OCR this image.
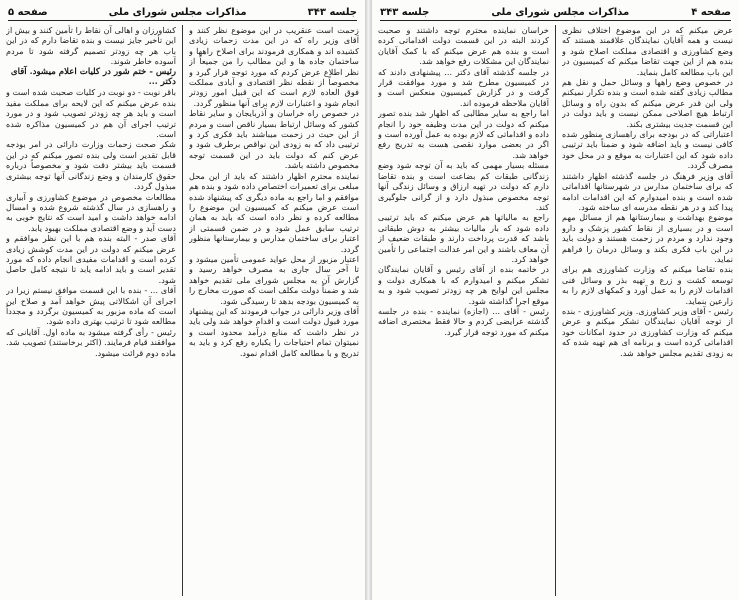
جلسه ۳۴۳
مذاکرات مجلس شورای ملی
صفحه ۵

زحمت است عنقریب در این موضوع نظر کنند و آقای وزیر راه که در این مدت زحمات زیادی کشیده اند و همکاری فرمودند برای اصلاح راهها و ساختمان جاده ها و این مطالب را من جمیعاً از نظر اطلاع عرض کردم که مورد توجه قرار گیرد و مخصوصاً از نقطه نظر اقتصادی و آبادی مملکت فوق العاده لازم است که این قبیل امور زودتر انجام شود و اعتبارات لازم برای آنها منظور گردد.

در خصوص راه خراسان و آذربایجان و سایر نقاط کشور که وسائل ارتباط بسیار ناقص است و مردم از این حیث در زحمت میباشند باید فکری کرد و ترتیبی داد که به زودی این نواقص برطرف شود و عرض کنم که دولت باید در این قسمت توجه مخصوص داشته باشد.

نماینده محترم اظهار داشتند که باید از این محل مبلغی برای تعمیرات اختصاص داده شود و بنده هم موافقم و اما راجع به ماده دیگری که پیشنهاد شده است عرض میکنم که کمیسیون این موضوع را مطالعه کرده و نظر داده است که باید به همان ترتیب سابق عمل شود و در ضمن قسمتی از اعتبار برای ساختمان مدارس و بیمارستانها منظور گردد.

اعتبار مزبور از محل عواید عمومی تأمین میشود و تا آخر سال جاری به مصرف خواهد رسید و گزارش آن به مجلس شورای ملی تقدیم خواهد شد و ضمناً دولت مکلف است که صورت مخارج را به کمیسیون بودجه بدهد تا رسیدگی شود.

آقای وزیر دارائی در جواب فرمودند که این پیشنهاد مورد قبول دولت است و اقدام خواهد شد ولی باید در نظر داشت که منابع درآمد محدود است و نمیتوان تمام احتیاجات را یکباره رفع کرد و باید به تدریج و با مطالعه کامل اقدام نمود.

کشاورزان و اهالی آن نقاط را تأمین کنند و بیش از این تأخیر جایز نیست و بنده تقاضا دارم که در این باب هر چه زودتر تصمیم گرفته شود تا مردم آسوده خاطر شوند.

رئیس - ختم شور در کلیات اعلام میشود. آقای دکتر ...

باقر نوبت - دو نوبت در کلیات صحبت شده است و بنده عرض میکنم که این لایحه برای مملکت مفید است و باید هر چه زودتر تصویب شود و در مورد ترتیب اجرای آن هم در کمیسیون مذاکره شده است.

شکر صحت زحمات وزارت دارائی در امر بودجه قابل تقدیر است ولی بنده تصور میکنم که در این قسمت باید بیشتر دقت شود و مخصوصاً درباره حقوق کارمندان و وضع زندگانی آنها توجه بیشتری مبذول گردد.

مطالعات مخصوص در موضوع کشاورزی و آبیاری و راهسازی در سال گذشته شروع شده و امسال ادامه خواهد داشت و امید است که نتایج خوبی به دست آید و وضع اقتصادی مملکت بهبود یابد.

آقای صدر - البته بنده هم با این نظر موافقم و عرض میکنم که دولت در این مدت کوشش زیادی کرده است و اقدامات مفیدی انجام داده که مورد تقدیر است و باید ادامه یابد تا نتیجه کامل حاصل شود.

آقای ... - بنده با این قسمت موافق نیستم زیرا در اجرای آن اشکالاتی پیش خواهد آمد و صلاح این است که ماده مزبور به کمیسیون برگردد و مجدداً مطالعه شود تا ترتیب بهتری داده شود.

رئیس - رأی گرفته میشود به ماده اول. آقایانی که موافقند قیام فرمایند. (اکثر برخاستند) تصویب شد. ماده دوم قرائت میشود.

صفحه ۴
مذاکرات مجلس شورای ملی
جلسه ۳۴۳

عرض میکنم که در این موضوع اختلاف نظری نیست و همه آقایان نمایندگان علاقمند هستند که وضع کشاورزی و اقتصادی مملکت اصلاح شود و بنده هم از این جهت تقاضا میکنم که کمیسیون در این باب مطالعه کامل بنماید.

در خصوص وضع راهها و وسائل حمل و نقل هم مطالب زیادی گفته شده است و بنده تکرار نمیکنم ولی این قدر عرض میکنم که بدون راه و وسائل ارتباط هیچ اصلاحی ممکن نیست و باید دولت در این قسمت جدیت بیشتری بکند.

اعتباراتی که در بودجه برای راهسازی منظور شده کافی نیست و باید اضافه شود و ضمناً باید ترتیبی داده شود که این اعتبارات به موقع و در محل خود مصرف گردد.

آقای وزیر فرهنگ در جلسه گذشته اظهار داشتند که برای ساختمان مدارس در شهرستانها اقداماتی شده است و بنده امیدوارم که این اقدامات ادامه پیدا کند و در هر نقطه مدرسه ای ساخته شود.

موضوع بهداشت و بیمارستانها هم از مسائل مهم است و در بسیاری از نقاط کشور پزشک و دارو وجود ندارد و مردم در زحمت هستند و دولت باید در این باب فکری بکند و وسائل درمان را فراهم نماید.

بنده تقاضا میکنم که وزارت کشاورزی هم برای توسعه کشت و زرع و تهیه بذر و وسائل فنی اقدامات لازم را به عمل آورد و کمکهای لازم را به زارعین بنماید.

رئیس - آقای وزیر کشاورزی. وزیر کشاورزی - بنده از توجه آقایان نمایندگان تشکر میکنم و عرض میکنم که وزارت کشاورزی در حدود امکانات خود اقداماتی کرده است و برنامه ای هم تهیه شده که به زودی تقدیم مجلس خواهد شد.

خراسان نماینده محترم توجه داشتند و صحبت کردند البته در این قسمت دولت اقداماتی کرده است و بنده هم عرض میکنم که با کمک آقایان نمایندگان این مشکلات رفع خواهد شد.

در جلسه گذشته آقای دکتر ... پیشنهادی دادند که در کمیسیون مطرح شد و مورد موافقت قرار گرفت و در گزارش کمیسیون منعکس است و آقایان ملاحظه فرموده اند.

اما راجع به سایر مطالبی که اظهار شد بنده تصور میکنم که دولت در این مدت وظیفه خود را انجام داده و اقداماتی که لازم بوده به عمل آورده است و اگر در بعضی موارد نقصی هست به تدریج رفع خواهد شد.

مسئله بسیار مهمی که باید به آن توجه شود وضع زندگانی طبقات کم بضاعت است و بنده تقاضا دارم که دولت در تهیه ارزاق و وسائل زندگی آنها توجه مخصوص مبذول دارد و از گرانی جلوگیری کند.

راجع به مالیاتها هم عرض میکنم که باید ترتیبی داده شود که بار مالیات بیشتر به دوش طبقاتی باشد که قدرت پرداخت دارند و طبقات ضعیف از آن معاف باشند و این امر عدالت اجتماعی را تأمین خواهد کرد.

در خاتمه بنده از آقای رئیس و آقایان نمایندگان تشکر میکنم و امیدوارم که با همکاری دولت و مجلس این لوایح هر چه زودتر تصویب شود و به موقع اجرا گذاشته شود.

رئیس - آقای ... (اجازه) نماینده - بنده در جلسه گذشته عرایضی کردم و حالا فقط مختصری اضافه میکنم که مورد توجه قرار گیرد.
